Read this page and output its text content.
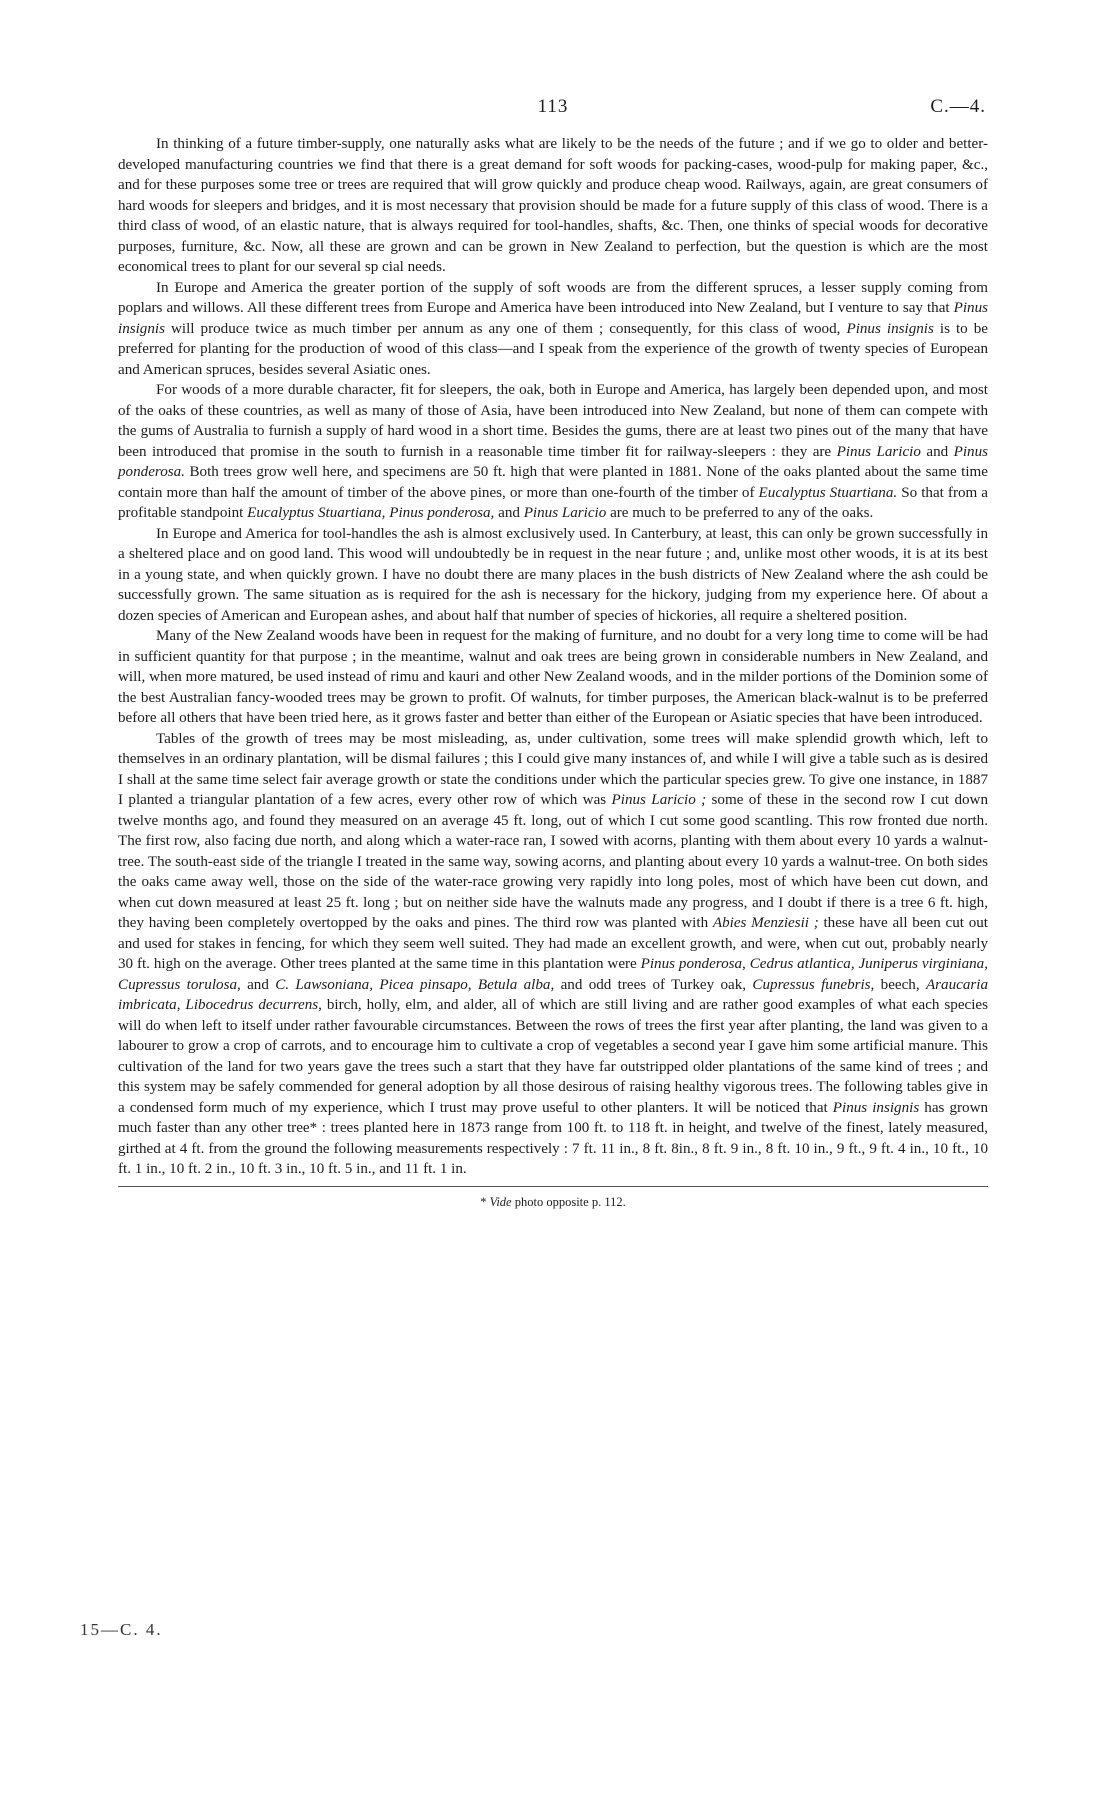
113	C.—4.

In thinking of a future timber-supply, one naturally asks what are likely to be the needs of the future ; and if we go to older and better-developed manufacturing countries we find that there is a great demand for soft woods for packing-cases, wood-pulp for making paper, &c., and for these purposes some tree or trees are required that will grow quickly and produce cheap wood. Railways, again, are great consumers of hard woods for sleepers and bridges, and it is most necessary that provision should be made for a future supply of this class of wood. There is a third class of wood, of an elastic nature, that is always required for tool-handles, shafts, &c. Then, one thinks of special woods for decorative purposes, furniture, &c. Now, all these are grown and can be grown in New Zealand to perfection, but the question is which are the most economical trees to plant for our several sp cial needs.

In Europe and America the greater portion of the supply of soft woods are from the different spruces, a lesser supply coming from poplars and willows. All these different trees from Europe and America have been introduced into New Zealand, but I venture to say that Pinus insignis will produce twice as much timber per annum as any one of them ; consequently, for this class of wood, Pinus insignis is to be preferred for planting for the production of wood of this class—and I speak from the experience of the growth of twenty species of European and American spruces, besides several Asiatic ones.

For woods of a more durable character, fit for sleepers, the oak, both in Europe and America, has largely been depended upon, and most of the oaks of these countries, as well as many of those of Asia, have been introduced into New Zealand, but none of them can compete with the gums of Australia to furnish a supply of hard wood in a short time. Besides the gums, there are at least two pines out of the many that have been introduced that promise in the south to furnish in a reasonable time timber fit for railway-sleepers : they are Pinus Laricio and Pinus ponderosa. Both trees grow well here, and specimens are 50 ft. high that were planted in 1881. None of the oaks planted about the same time contain more than half the amount of timber of the above pines, or more than one-fourth of the timber of Eucalyptus Stuartiana. So that from a profitable standpoint Eucalyptus Stuartiana, Pinus ponderosa, and Pinus Laricio are much to be preferred to any of the oaks.

In Europe and America for tool-handles the ash is almost exclusively used. In Canterbury, at least, this can only be grown successfully in a sheltered place and on good land. This wood will undoubtedly be in request in the near future ; and, unlike most other woods, it is at its best in a young state, and when quickly grown. I have no doubt there are many places in the bush districts of New Zealand where the ash could be successfully grown. The same situation as is required for the ash is necessary for the hickory, judging from my experience here. Of about a dozen species of American and European ashes, and about half that number of species of hickories, all require a sheltered position.

Many of the New Zealand woods have been in request for the making of furniture, and no doubt for a very long time to come will be had in sufficient quantity for that purpose ; in the meantime, walnut and oak trees are being grown in considerable numbers in New Zealand, and will, when more matured, be used instead of rimu and kauri and other New Zealand woods, and in the milder portions of the Dominion some of the best Australian fancy-wooded trees may be grown to profit. Of walnuts, for timber purposes, the American black-walnut is to be preferred before all others that have been tried here, as it grows faster and better than either of the European or Asiatic species that have been introduced.

Tables of the growth of trees may be most misleading, as, under cultivation, some trees will make splendid growth which, left to themselves in an ordinary plantation, will be dismal failures ; this I could give many instances of, and while I will give a table such as is desired I shall at the same time select fair average growth or state the conditions under which the particular species grew. To give one instance, in 1887 I planted a triangular plantation of a few acres, every other row of which was Pinus Laricio ; some of these in the second row I cut down twelve months ago, and found they measured on an average 45 ft. long, out of which I cut some good scantling. This row fronted due north. The first row, also facing due north, and along which a water-race ran, I sowed with acorns, planting with them about every 10 yards a walnut-tree. The south-east side of the triangle I treated in the same way, sowing acorns, and planting about every 10 yards a walnut-tree. On both sides the oaks came away well, those on the side of the water-race growing very rapidly into long poles, most of which have been cut down, and when cut down measured at least 25 ft. long ; but on neither side have the walnuts made any progress, and I doubt if there is a tree 6 ft. high, they having been completely overtopped by the oaks and pines. The third row was planted with Abies Menziesii ; these have all been cut out and used for stakes in fencing, for which they seem well suited. They had made an excellent growth, and were, when cut out, probably nearly 30 ft. high on the average. Other trees planted at the same time in this plantation were Pinus ponderosa, Cedrus atlantica, Juniperus virginiana, Cupressus torulosa, and C. Lawsoniana, Picea pinsapo, Betula alba, and odd trees of Turkey oak, Cupressus funebris, beech, Araucaria imbricata, Libocedrus decurrens, birch, holly, elm, and alder, all of which are still living and are rather good examples of what each species will do when left to itself under rather favourable circumstances. Between the rows of trees the first year after planting, the land was given to a labourer to grow a crop of carrots, and to encourage him to cultivate a crop of vegetables a second year I gave him some artificial manure. This cultivation of the land for two years gave the trees such a start that they have far outstripped older plantations of the same kind of trees ; and this system may be safely commended for general adoption by all those desirous of raising healthy vigorous trees. The following tables give in a condensed form much of my experience, which I trust may prove useful to other planters. It will be noticed that Pinus insignis has grown much faster than any other tree* : trees planted here in 1873 range from 100 ft. to 118 ft. in height, and twelve of the finest, lately measured, girthed at 4 ft. from the ground the following measurements respectively : 7 ft. 11 in., 8 ft. 8in., 8 ft. 9 in., 8 ft. 10 in., 9 ft., 9 ft. 4 in., 10 ft., 10 ft. 1 in., 10 ft. 2 in., 10 ft. 3 in., 10 ft. 5 in., and 11 ft. 1 in.

* Vide photo opposite p. 112.
15—C. 4.
